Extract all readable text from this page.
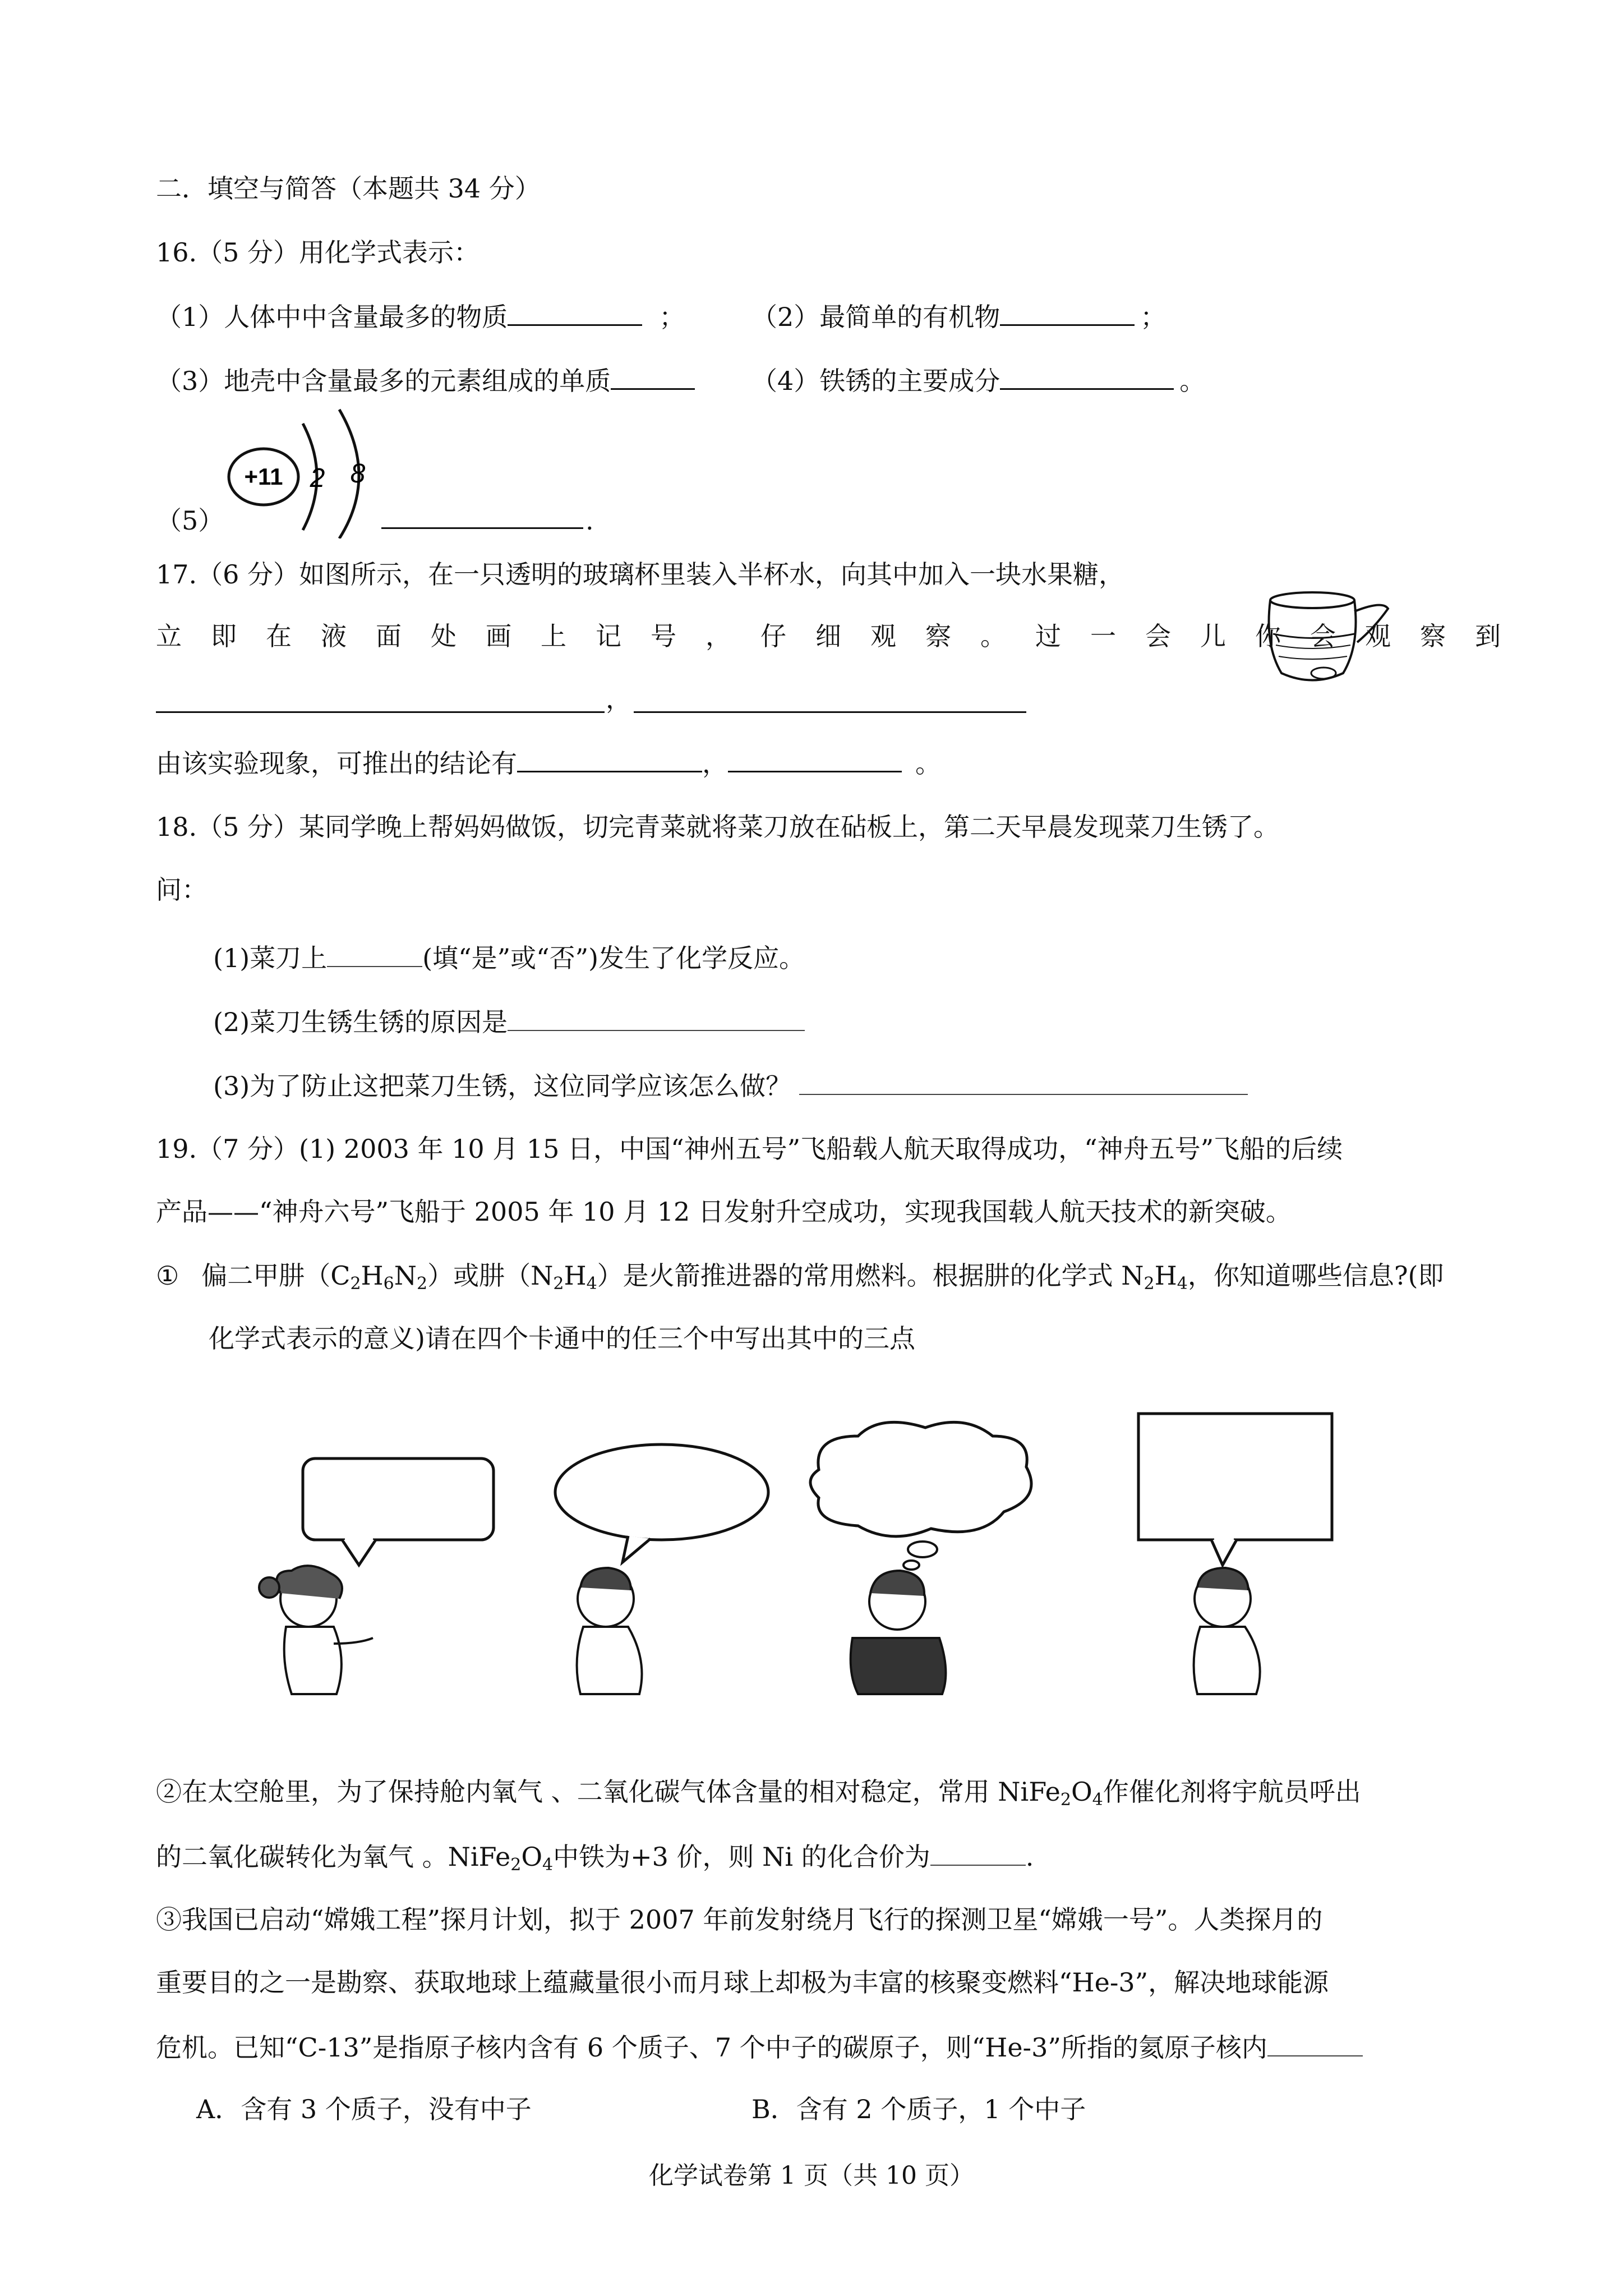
二．填空与简答（本题共 34 分）
16.（5 分）用化学式表示：
（1）人体中中含量最多的物质	；	（2）最简单的有机物	；
（3）地壳中含量最多的元素组成的单质	（4）铁锈的主要成分	。
（5）
+11 2 8
.
17.（6 分）如图所示，在一只透明的玻璃杯里装入半杯水，向其中加入一块水果糖，
立即在液面处画上记号，仔细观察。过一会儿你会观察到
，
由该实验现象，可推出的结论有	，	。
18.（5 分）某同学晚上帮妈妈做饭，切完青菜就将菜刀放在砧板上，第二天早晨发现菜刀生锈了。
问：
(1)菜刀上	(填“是”或“否”)发生了化学反应。
(2)菜刀生锈生锈的原因是
(3)为了防止这把菜刀生锈，这位同学应该怎么做？
19.（7 分）(1) 2003 年 10 月 15 日，中国“神州五号”飞船载人航天取得成功，“神舟五号”飞船的后续
产品——“神舟六号”飞船于 2005 年 10 月 12 日发射升空成功，实现我国载人航天技术的新突破。
① 偏二甲肼$(C_2H_6N_2)$或肼$(N_2H_4)$是火箭推进器的常用燃料。根据肼的化学式 $N_2H_4$，你知道哪些信息?(即
化学式表示的意义)请在四个卡通中的任三个中写出其中的三点
②在太空舱里，为了保持舱内氧气 、二氧化碳气体含量的相对稳定，常用 $NiFe_2O_4$作催化剂将宇航员呼出
的二氧化碳转化为氧气 。$NiFe_2O_4$中铁为+3 价，则 Ni 的化合价为	.
③我国已启动“嫦娥工程”探月计划，拟于 2007 年前发射绕月飞行的探测卫星“嫦娥一号”。人类探月的
重要目的之一是勘察、获取地球上蕴藏量很小而月球上却极为丰富的核聚变燃料“He-3”，解决地球能源
危机。已知“C-13”是指原子核内含有 6 个质子、7 个中子的碳原子，则“He-3”所指的氦原子核内
A．含有 3 个质子，没有中子	B．含有 2 个质子，1 个中子
化学试卷第 1 页（共 10 页）
